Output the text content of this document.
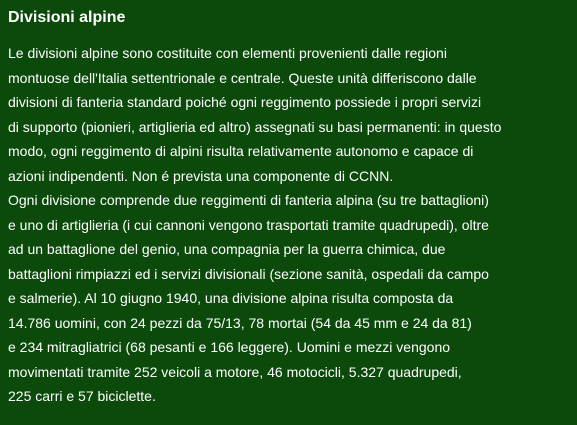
Divisioni alpine

Le divisioni alpine sono costituite con elementi provenienti dalle regioni

montuose dell'Italia settentrionale e centrale. Queste unità differiscono dalle

divisioni di fanteria standard poiché ogni reggimento possiede i propri servizi

di supporto (pionieri, artiglieria ed altro) assegnati su basi permanenti: in questo

modo, ogni reggimento di alpini risulta relativamente autonomo e capace di

azioni indipendenti. Non é prevista una componente di CCNN.

Ogni divisione comprende due reggimenti di fanteria alpina (su tre battaglioni)

e uno di artiglieria (i cui cannoni vengono trasportati tramite quadrupedi), oltre

ad un battaglione del genio, una compagnia per la guerra chimica, due

battaglioni rimpiazzi ed i servizi divisionali (sezione sanità, ospedali da campo

e salmerie). Al 10 giugno 1940, una divisione alpina risulta composta da

14.786 uomini, con 24 pezzi da 75/13, 78 mortai (54 da 45 mm e 24 da 81)

e 234 mitragliatrici (68 pesanti e 166 leggere). Uomini e mezzi vengono

movimentati tramite 252 veicoli a motore, 46 motocicli, 5.327 quadrupedi,

225 carri e 57 biciclette.
